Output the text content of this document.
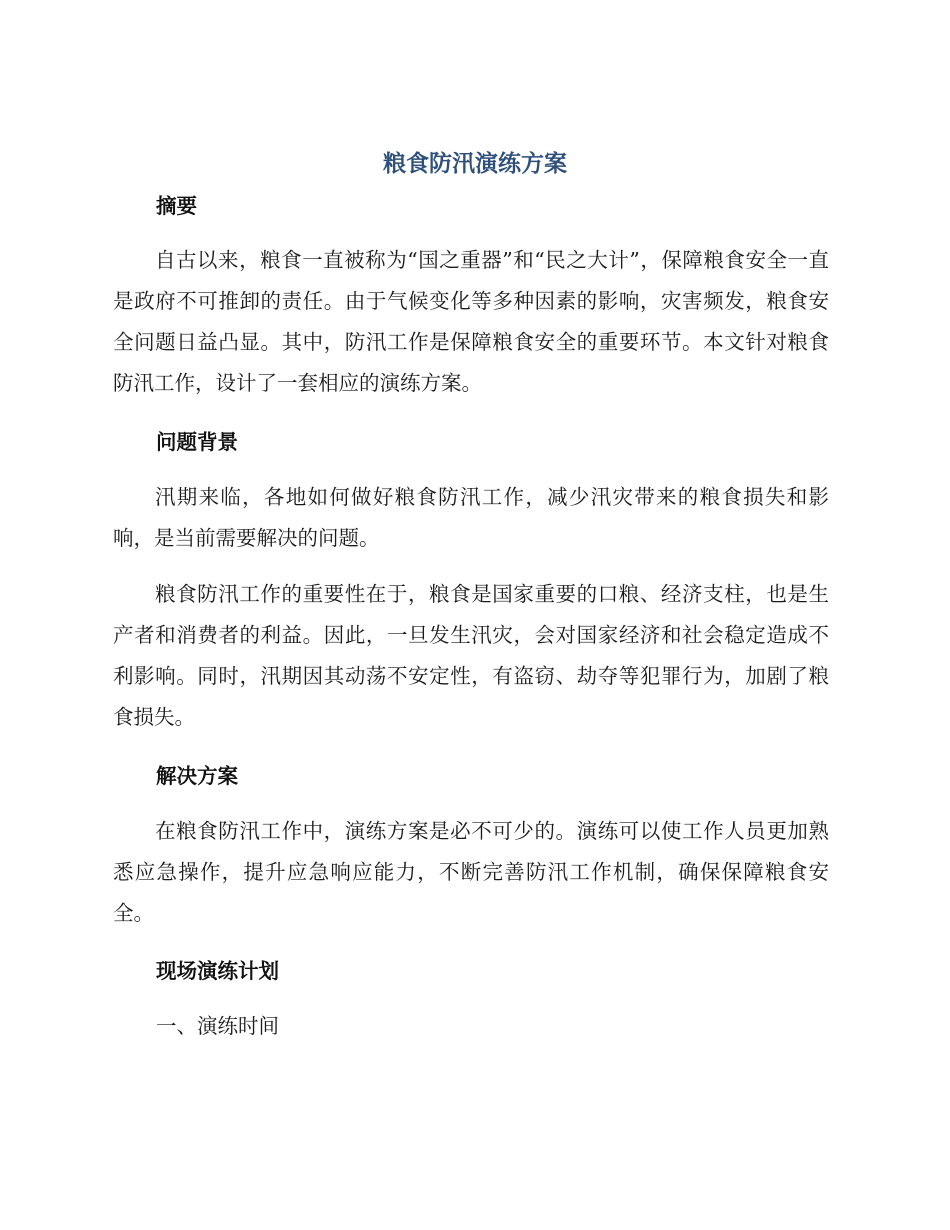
粮食防汛演练方案
摘要

自古以来，粮食一直被称为“国之重器”和“民之大计”，保障粮食安全一直是政府不可推卸的责任。由于气候变化等多种因素的影响，灾害频发，粮食安全问题日益凸显。其中，防汛工作是保障粮食安全的重要环节。本文针对粮食防汛工作，设计了一套相应的演练方案。

问题背景

汛期来临，各地如何做好粮食防汛工作，减少汛灾带来的粮食损失和影响，是当前需要解决的问题。

粮食防汛工作的重要性在于，粮食是国家重要的口粮、经济支柱，也是生产者和消费者的利益。因此，一旦发生汛灾，会对国家经济和社会稳定造成不利影响。同时，汛期因其动荡不安定性，有盗窃、劫夺等犯罪行为，加剧了粮食损失。

解决方案

在粮食防汛工作中，演练方案是必不可少的。演练可以使工作人员更加熟悉应急操作，提升应急响应能力，不断完善防汛工作机制，确保保障粮食安全。

现场演练计划

一、演练时间
